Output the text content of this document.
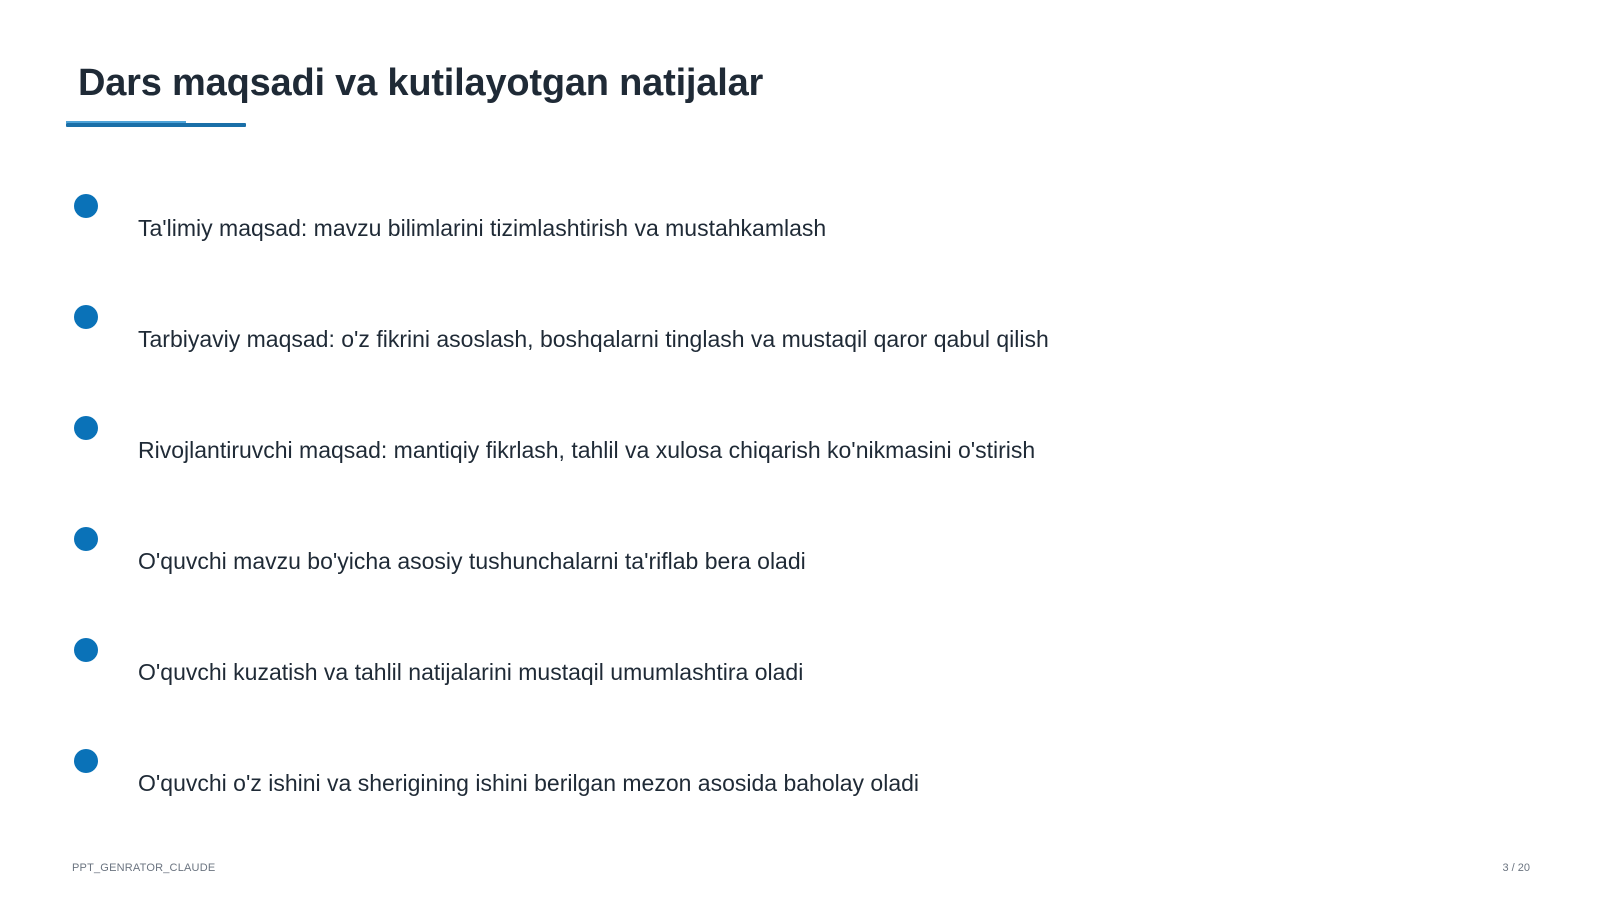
Dars maqsadi va kutilayotgan natijalar
Ta'limiy maqsad: mavzu bilimlarini tizimlashtirish va mustahkamlash
Tarbiyaviy maqsad: o'z fikrini asoslash, boshqalarni tinglash va mustaqil qaror qabul qilish
Rivojlantiruvchi maqsad: mantiqiy fikrlash, tahlil va xulosa chiqarish ko'nikmasini o'stirish
O'quvchi mavzu bo'yicha asosiy tushunchalarni ta'riflab bera oladi
O'quvchi kuzatish va tahlil natijalarini mustaqil umumlashtira oladi
O'quvchi o'z ishini va sherigining ishini berilgan mezon asosida baholay oladi
PPT_GENRATOR_CLAUDE	3 / 20
